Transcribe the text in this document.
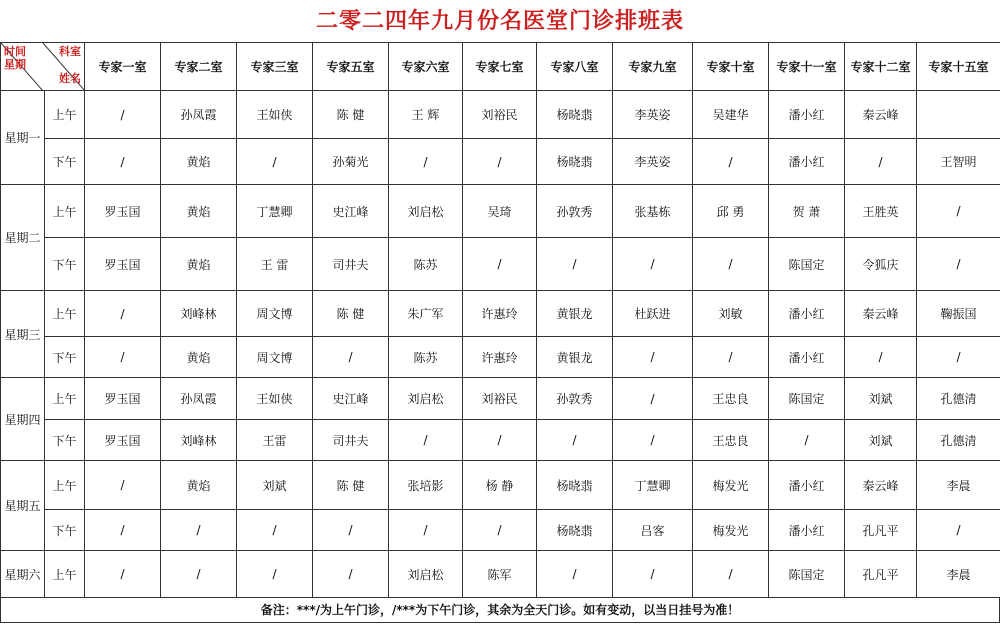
二零二四年九月份名医堂门诊排班表
时间
星期
科室
姓名		专家一室	专家二室	专家三室	专家五室	专家六室	专家七室	专家八室	专家九室	专家十室	专家十一室	专家十二室	专家十五室
星期一	上午	/	孙凤霞	王如侠	陈 健	王 辉	刘裕民	杨晓翡	李英姿	吴建华	潘小红	秦云峰	
	下午	/	黄焰	/	孙菊光	/	/	杨晓翡	李英姿	/	潘小红	/	王智明
星期二	上午	罗玉国	黄焰	丁慧卿	史江峰	刘启松	吴琦	孙敦秀	张基栋	邱 勇	贺 萧	王胜英	/
	下午	罗玉国	黄焰	王 雷	司井夫	陈苏	/	/	/	/	陈国定	令狐庆	/
星期三	上午	/	刘峰林	周文博	陈 健	朱广军	许惠玲	黄银龙	杜跃进	刘敏	潘小红	秦云峰	鞠振国
	下午	/	黄焰	周文博	/	陈苏	许惠玲	黄银龙	/	/	潘小红	/	/
星期四	上午	罗玉国	孙凤霞	王如侠	史江峰	刘启松	刘裕民	孙敦秀	/	王忠良	陈国定	刘斌	孔德清
	下午	罗玉国	刘峰林	王雷	司井夫	/	/	/	/	王忠良	/	刘斌	孔德清
星期五	上午	/	黄焰	刘斌	陈 健	张培影	杨 静	杨晓翡	丁慧卿	梅发光	潘小红	秦云峰	李晨
	下午	/	/	/	/	/	/	杨晓翡	吕客	梅发光	潘小红	孔凡平	/
星期六	上午	/	/	/	/	刘启松	陈军	/	/	/	陈国定	孔凡平	李晨
备注：***/为上午门诊，/***为下午门诊，其余为全天门诊。如有变动，以当日挂号为准！
